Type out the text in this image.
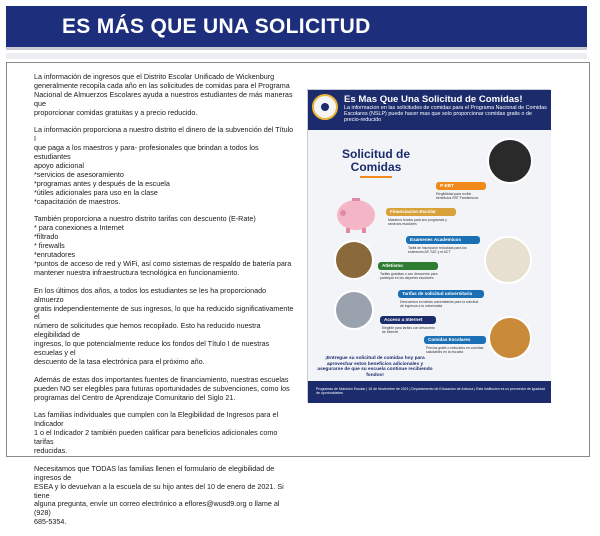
ES MÁS QUE UNA SOLICITUD

La información de ingresos que el Distrito Escolar Unificado de Wickenburg
generalmente recopila cada año en las solicitudes de comidas para el Programa
Nacional de Almuerzos Escolares ayuda a nuestros estudiantes de más maneras que
proporcionar comidas gratuitas y a precio reducido.

La información proporciona a nuestro distrito el dinero de la subvención del Título I
que paga a los maestros y para- profesionales que brindan a todos los estudiantes
apoyo adicional
*servicios de asesoramiento
*programas antes y después de la escuela
*útiles adicionales para uso en la clase
*capacitación de maestros.

También proporciona a nuestro distrito tarifas con descuento (E-Rate)
* para conexiones a Internet
*filtrado
* firewalls
*enrutadores
*puntos de acceso de red y WiFi, así como sistemas de respaldo de batería para
mantener nuestra infraestructura tecnológica en funcionamiento.

En los últimos dos años, a todos los estudiantes se les ha proporcionado almuerzo
gratis independientemente de sus ingresos, lo que ha reducido significativamente el
número de solicitudes que hemos recopilado. Esto ha reducido nuestra elegibilidad de
ingresos, lo que potencialmente reduce los fondos del Título I de nuestras escuelas y el
descuento de la tasa electrónica para el próximo año.

Además de estas dos importantes fuentes de financiamiento, nuestras escuelas
pueden NO ser elegibles para futuras oportunidades de subvenciones, como los
programas del Centro de Aprendizaje Comunitario del Siglo 21.

Las familias individuales que cumplen con la Elegibilidad de Ingresos para el Indicador
1 o el Indicador 2 también pueden calificar para beneficios adicionales como tarifas
reducidas.

Necesitamos que TODAS las familias llenen el formulario de elegibilidad de ingresos de
ESEA y lo devuelvan a la escuela de su hijo antes del 10 de enero de 2021. Si tiene
alguna pregunta, envíe un correo electrónico a eflores@wusd9.org o llame al (928)
685-5354.

Es Mas Que Una Solicitud de Comidas!
La informacion en las solicitudes de comidas para el Programa Nacional de Comidas Escolares (NSLP) puede hacer mas que solo proporcionar comidas gratis o de precio-reducido
Solicitud de Comidas
P-EBT
Elegibilidad para recibir beneficios EBT Pandemicos
Financiacion Escolar
Maestros fondos para sus programas y servicios escolares
Examenes Academicos
Tarifa de inscripcion reducidas para los examenes AP, SAT y el ACT
Atletismo
Tarifas gratuitas o con descuento para participar en los deportes escolares
Tarifas de solicitud universitaria
Descuentos en tarifas universitarias para la solicitud de ingresos a la universidad
Acceso a Internet
Elegible para tarifas con descuento de Internet
Comidas Escolares
Precios gratis o reducidos en comidas saludables en la escuela
¡Entregue su solicitud de comidas hoy para aprovechar estos beneficios adicionales y asegurarse de que su escuela continue recibiendo fondos!
Programas de Nutricion Escolar | 16 de Noviembre de 2021 | Departamento de Educacion de Arizona | Esta institucion es un proveedor de igualdad de oportunidades
